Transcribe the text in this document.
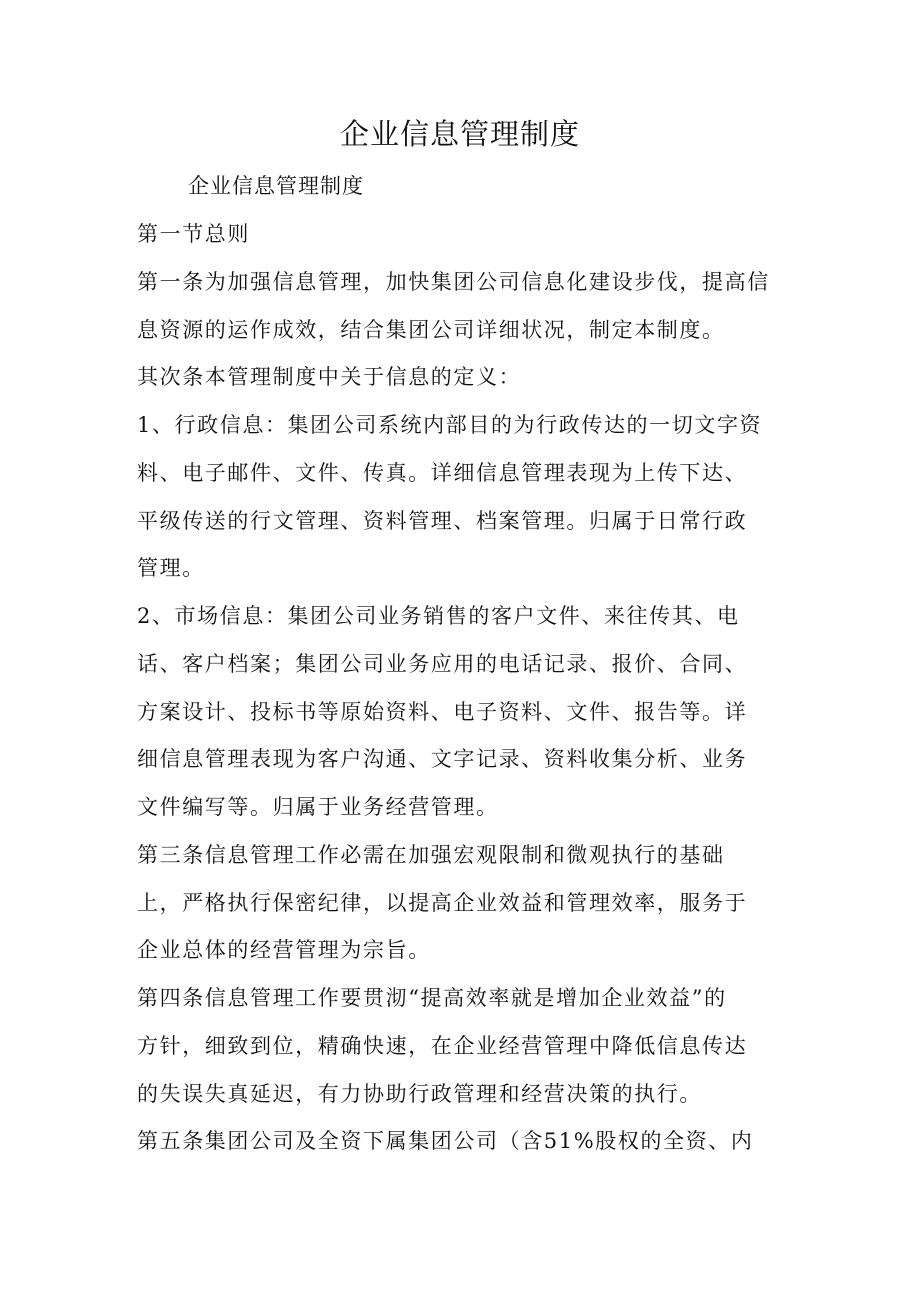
企业信息管理制度
企业信息管理制度
第一节总则
第一条为加强信息管理，加快集团公司信息化建设步伐，提高信
息资源的运作成效，结合集团公司详细状况，制定本制度。
其次条本管理制度中关于信息的定义：
1、行政信息：集团公司系统内部目的为行政传达的一切文字资
料、电子邮件、文件、传真。详细信息管理表现为上传下达、
平级传送的行文管理、资料管理、档案管理。归属于日常行政
管理。
2、市场信息：集团公司业务销售的客户文件、来往传其、电
话、客户档案；集团公司业务应用的电话记录、报价、合同、
方案设计、投标书等原始资料、电子资料、文件、报告等。详
细信息管理表现为客户沟通、文字记录、资料收集分析、业务
文件编写等。归属于业务经营管理。
第三条信息管理工作必需在加强宏观限制和微观执行的基础
上，严格执行保密纪律，以提高企业效益和管理效率，服务于
企业总体的经营管理为宗旨。
第四条信息管理工作要贯沏“提高效率就是增加企业效益”的
方针，细致到位，精确快速，在企业经营管理中降低信息传达
的失误失真延迟，有力协助行政管理和经营决策的执行。
第五条集团公司及全资下属集团公司（含51%股权的全资、内
